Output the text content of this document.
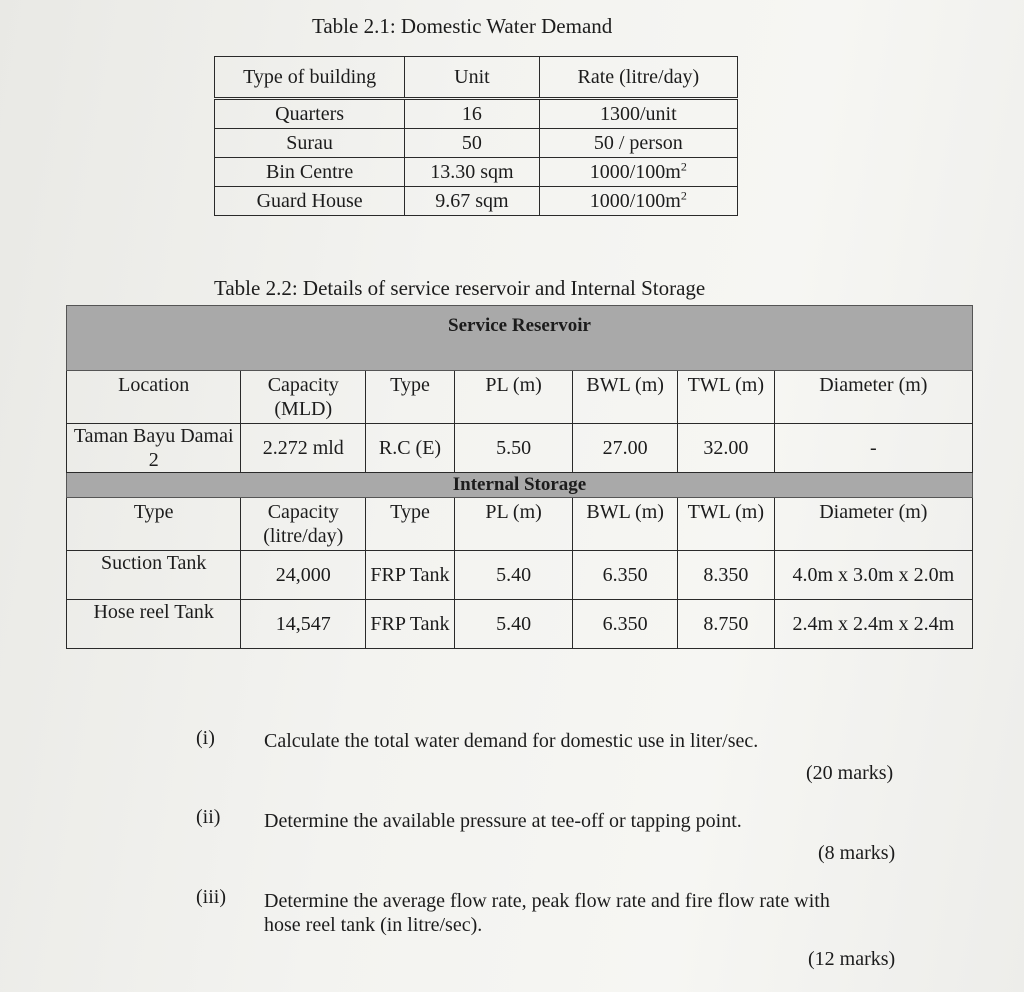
Table 2.1: Domestic Water Demand
Type of building	Unit	Rate (litre/day)
Quarters	16	1300/unit
Surau	50	50 / person
Bin Centre	13.30 sqm	$1000/100m^2$
Guard House	9.67 sqm	$1000/100m^2$
Table 2.2: Details of service reservoir and Internal Storage
Service Reservoir						
Location	Capacity (MLD)	Type	PL (m)	BWL (m)	TWL (m)	Diameter (m)
Taman Bayu Damai 2	2.272 mld	R.C (E)	5.50	27.00	32.00	-
Internal Storage						
Type	Capacity (litre/day)	Type	PL (m)	BWL (m)	TWL (m)	Diameter (m)
Suction Tank	24,000	FRP Tank	5.40	6.350	8.350	4.0m x 3.0m x 2.0m
Hose reel Tank	14,547	FRP Tank	5.40	6.350	8.750	2.4m x 2.4m x 2.4m
(i) Calculate the total water demand for domestic use in liter/sec.
(20 marks)
(ii) Determine the available pressure at tee-off or tapping point.
(8 marks)
(iii) Determine the average flow rate, peak flow rate and fire flow rate with
hose reel tank (in litre/sec).
(12 marks)
